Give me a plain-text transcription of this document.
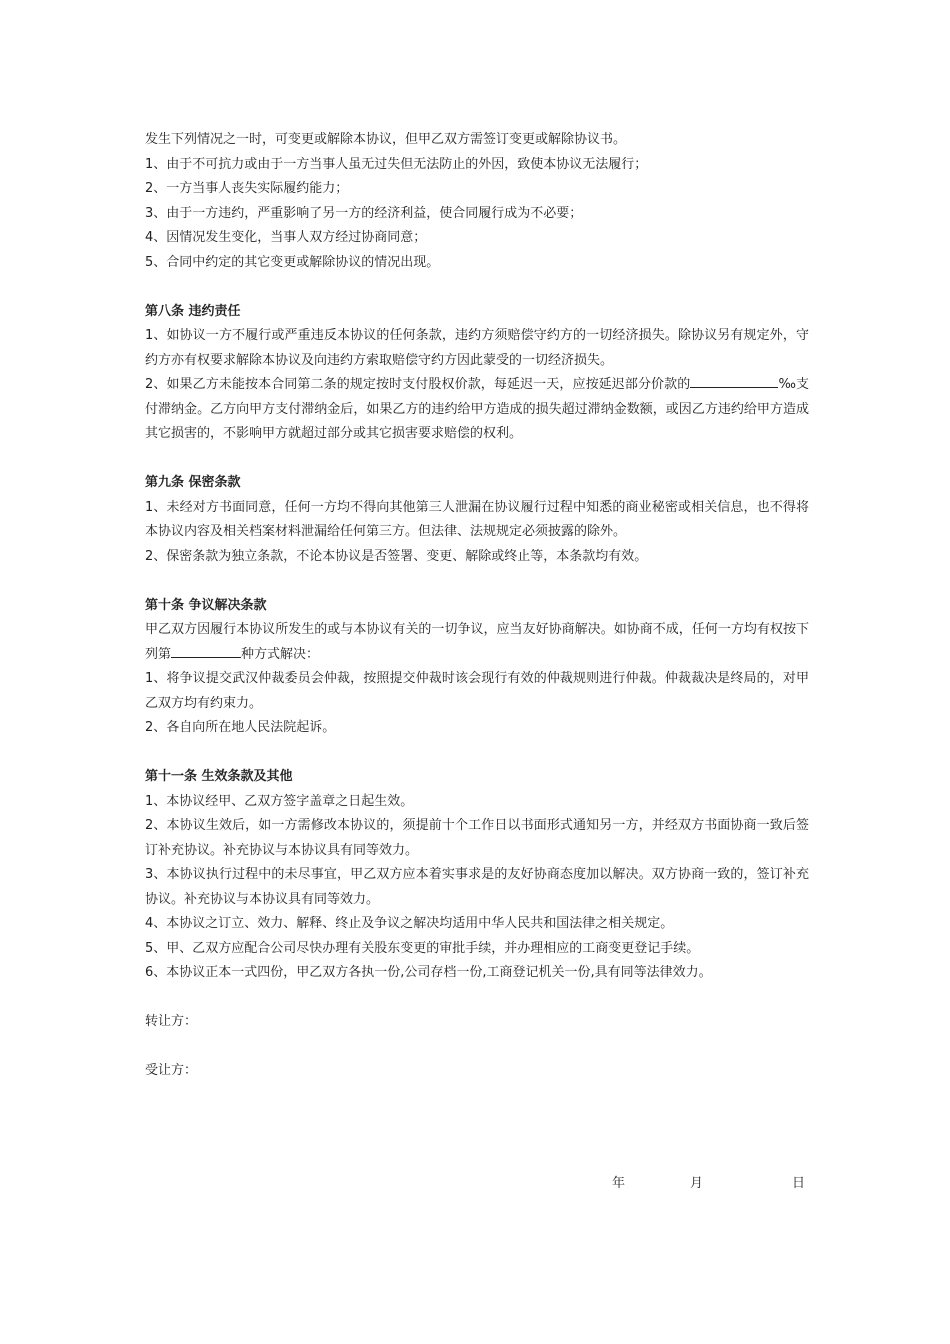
发生下列情况之一时，可变更或解除本协议，但甲乙双方需签订变更或解除协议书。

1、由于不可抗力或由于一方当事人虽无过失但无法防止的外因，致使本协议无法履行；

2、一方当事人丧失实际履约能力；

3、由于一方违约，严重影响了另一方的经济利益，使合同履行成为不必要；

4、因情况发生变化，当事人双方经过协商同意；

5、合同中约定的其它变更或解除协议的情况出现。

第八条 违约责任

1、如协议一方不履行或严重违反本协议的任何条款，违约方须赔偿守约方的一切经济损失。除协议另有规定外，守约方亦有权要求解除本协议及向违约方索取赔偿守约方因此蒙受的一切经济损失。

2、如果乙方未能按本合同第二条的规定按时支付股权价款，每延迟一天，应按延迟部分价款的	‰支付滞纳金。乙方向甲方支付滞纳金后，如果乙方的违约给甲方造成的损失超过滞纳金数额，或因乙方违约给甲方造成其它损害的，不影响甲方就超过部分或其它损害要求赔偿的权利。

第九条 保密条款

1、未经对方书面同意，任何一方均不得向其他第三人泄漏在协议履行过程中知悉的商业秘密或相关信息，也不得将本协议内容及相关档案材料泄漏给任何第三方。但法律、法规规定必须披露的除外。

2、保密条款为独立条款，不论本协议是否签署、变更、解除或终止等，本条款均有效。

第十条 争议解决条款

甲乙双方因履行本协议所发生的或与本协议有关的一切争议，应当友好协商解决。如协商不成，任何一方均有权按下列第	种方式解决：

1、将争议提交武汉仲裁委员会仲裁，按照提交仲裁时该会现行有效的仲裁规则进行仲裁。仲裁裁决是终局的，对甲乙双方均有约束力。

2、各自向所在地人民法院起诉。

第十一条 生效条款及其他

1、本协议经甲、乙双方签字盖章之日起生效。

2、本协议生效后，如一方需修改本协议的，须提前十个工作日以书面形式通知另一方，并经双方书面协商一致后签订补充协议。补充协议与本协议具有同等效力。

3、本协议执行过程中的未尽事宜，甲乙双方应本着实事求是的友好协商态度加以解决。双方协商一致的，签订补充协议。补充协议与本协议具有同等效力。

4、本协议之订立、效力、解释、终止及争议之解决均适用中华人民共和国法律之相关规定。

5、甲、乙双方应配合公司尽快办理有关股东变更的审批手续，并办理相应的工商变更登记手续。

6、本协议正本一式四份，甲乙双方各执一份,公司存档一份,工商登记机关一份,具有同等法律效力。

转让方：

受让方：

年	月	日
